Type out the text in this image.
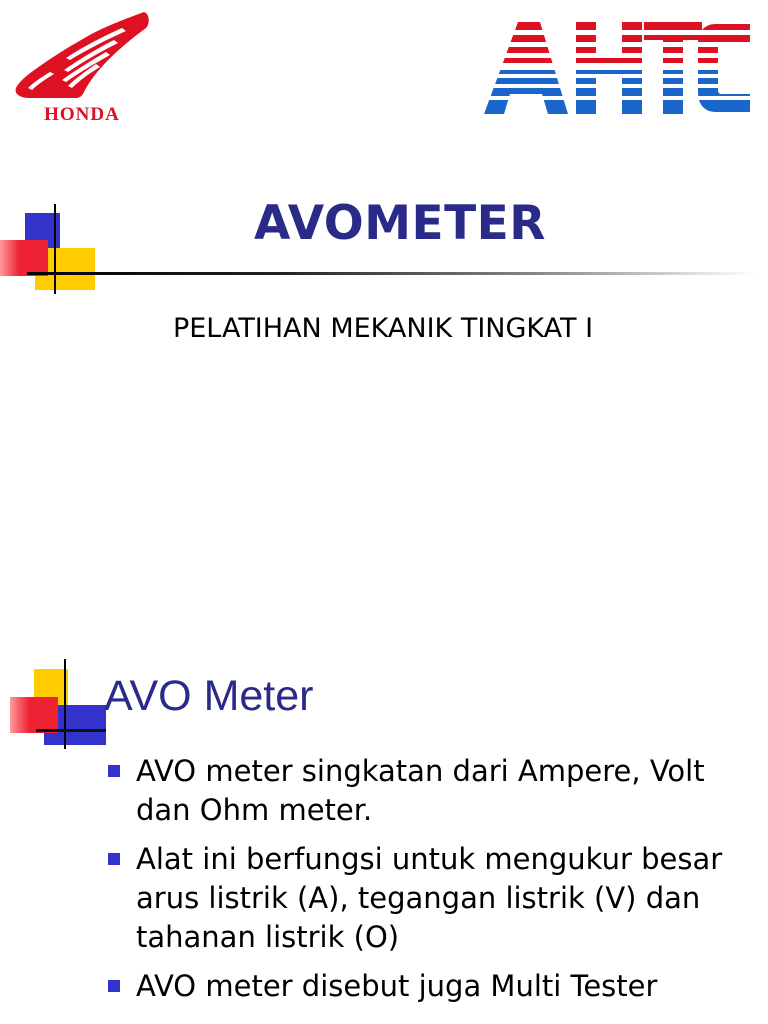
HONDA
AVOMETER
PELATIHAN MEKANIK TINGKAT I
AVO Meter
AVO meter singkatan dari Ampere, Volt dan Ohm meter.
Alat ini berfungsi untuk mengukur besar arus listrik (A), tegangan listrik (V) dan tahanan listrik (O)
AVO meter disebut juga Multi Tester
